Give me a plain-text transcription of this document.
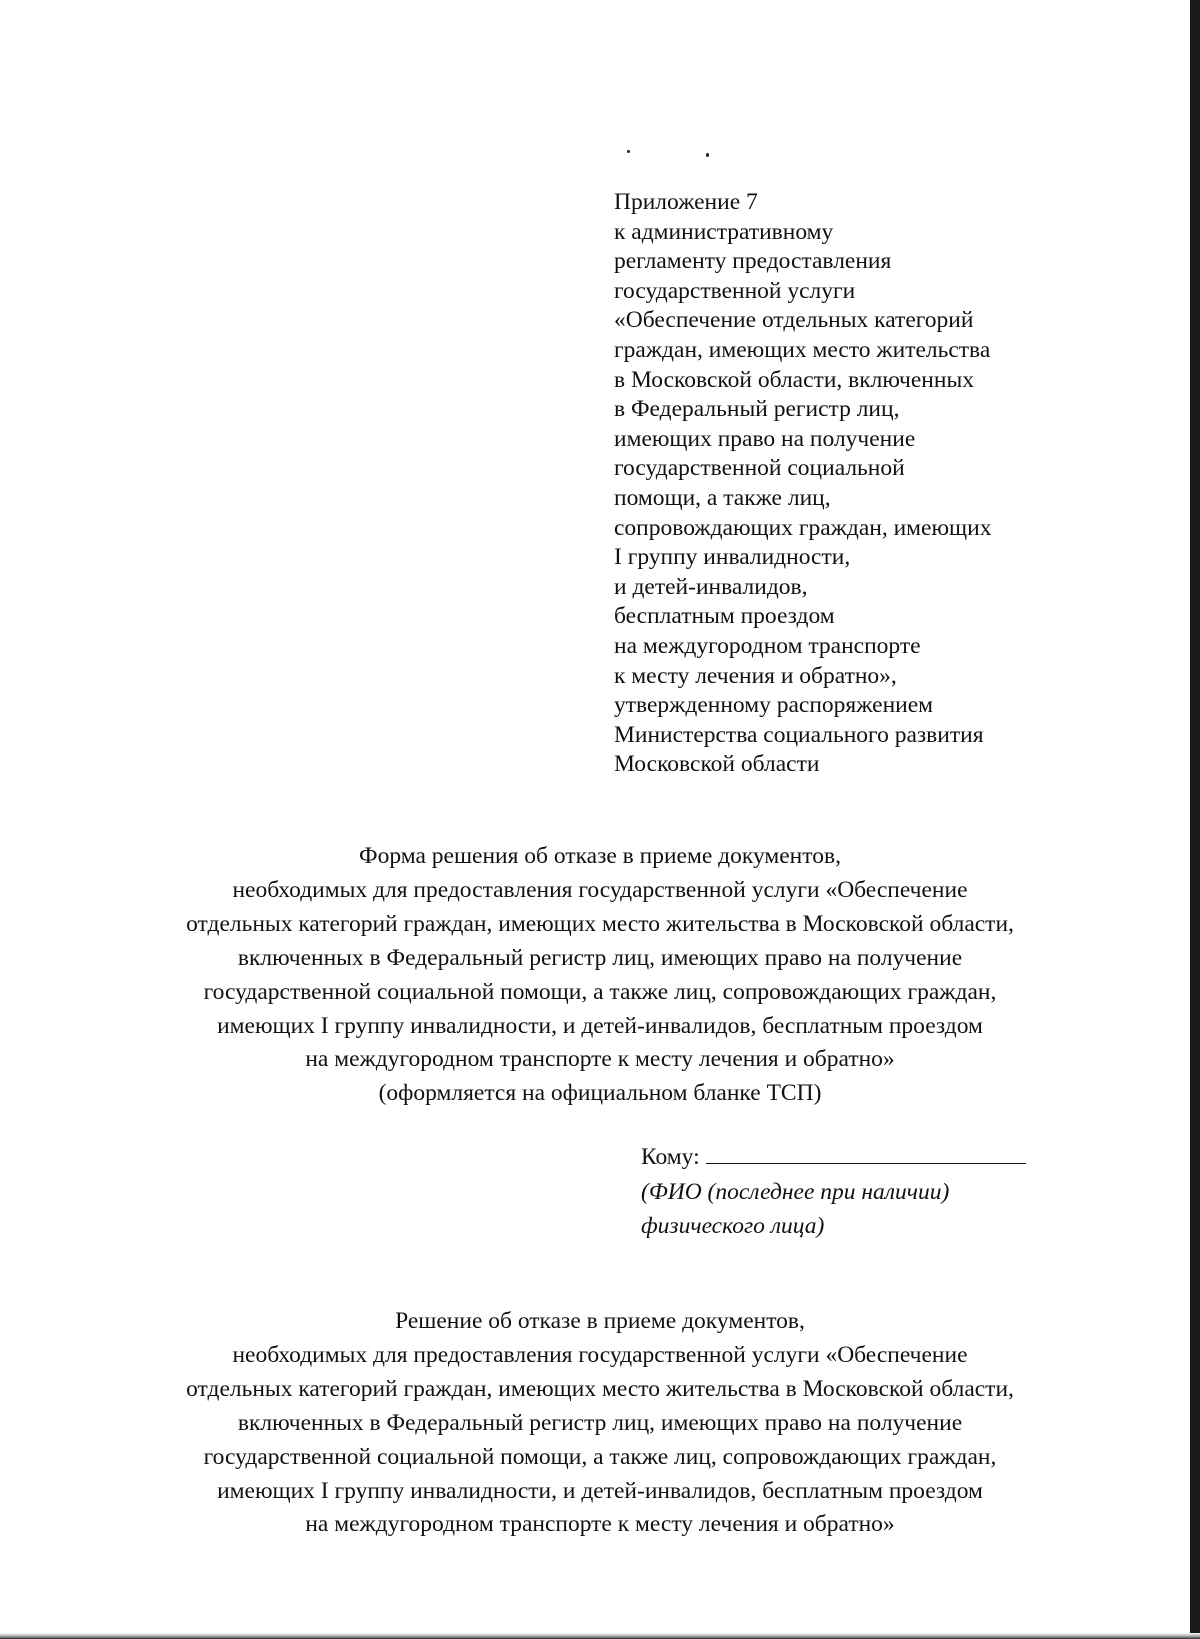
Приложение 7
к административному
регламенту предоставления
государственной услуги
«Обеспечение отдельных категорий
граждан, имеющих место жительства
в Московской области, включенных
в Федеральный регистр лиц,
имеющих право на получение
государственной социальной
помощи, а также лиц,
сопровождающих граждан, имеющих
I группу инвалидности,
и детей-инвалидов,
бесплатным проездом
на междугородном транспорте
к месту лечения и обратно»,
утвержденному распоряжением
Министерства социального развития
Московской области
Форма решения об отказе в приеме документов,
необходимых для предоставления государственной услуги «Обеспечение
отдельных категорий граждан, имеющих место жительства в Московской области,
включенных в Федеральный регистр лиц, имеющих право на получение
государственной социальной помощи, а также лиц, сопровождающих граждан,
имеющих I группу инвалидности, и детей-инвалидов, бесплатным проездом
на междугородном транспорте к месту лечения и обратно»
(оформляется на официальном бланке ТСП)
Кому:
(ФИО (последнее при наличии)
физического лица)
Решение об отказе в приеме документов,
необходимых для предоставления государственной услуги «Обеспечение
отдельных категорий граждан, имеющих место жительства в Московской области,
включенных в Федеральный регистр лиц, имеющих право на получение
государственной социальной помощи, а также лиц, сопровождающих граждан,
имеющих I группу инвалидности, и детей-инвалидов, бесплатным проездом
на междугородном транспорте к месту лечения и обратно»
